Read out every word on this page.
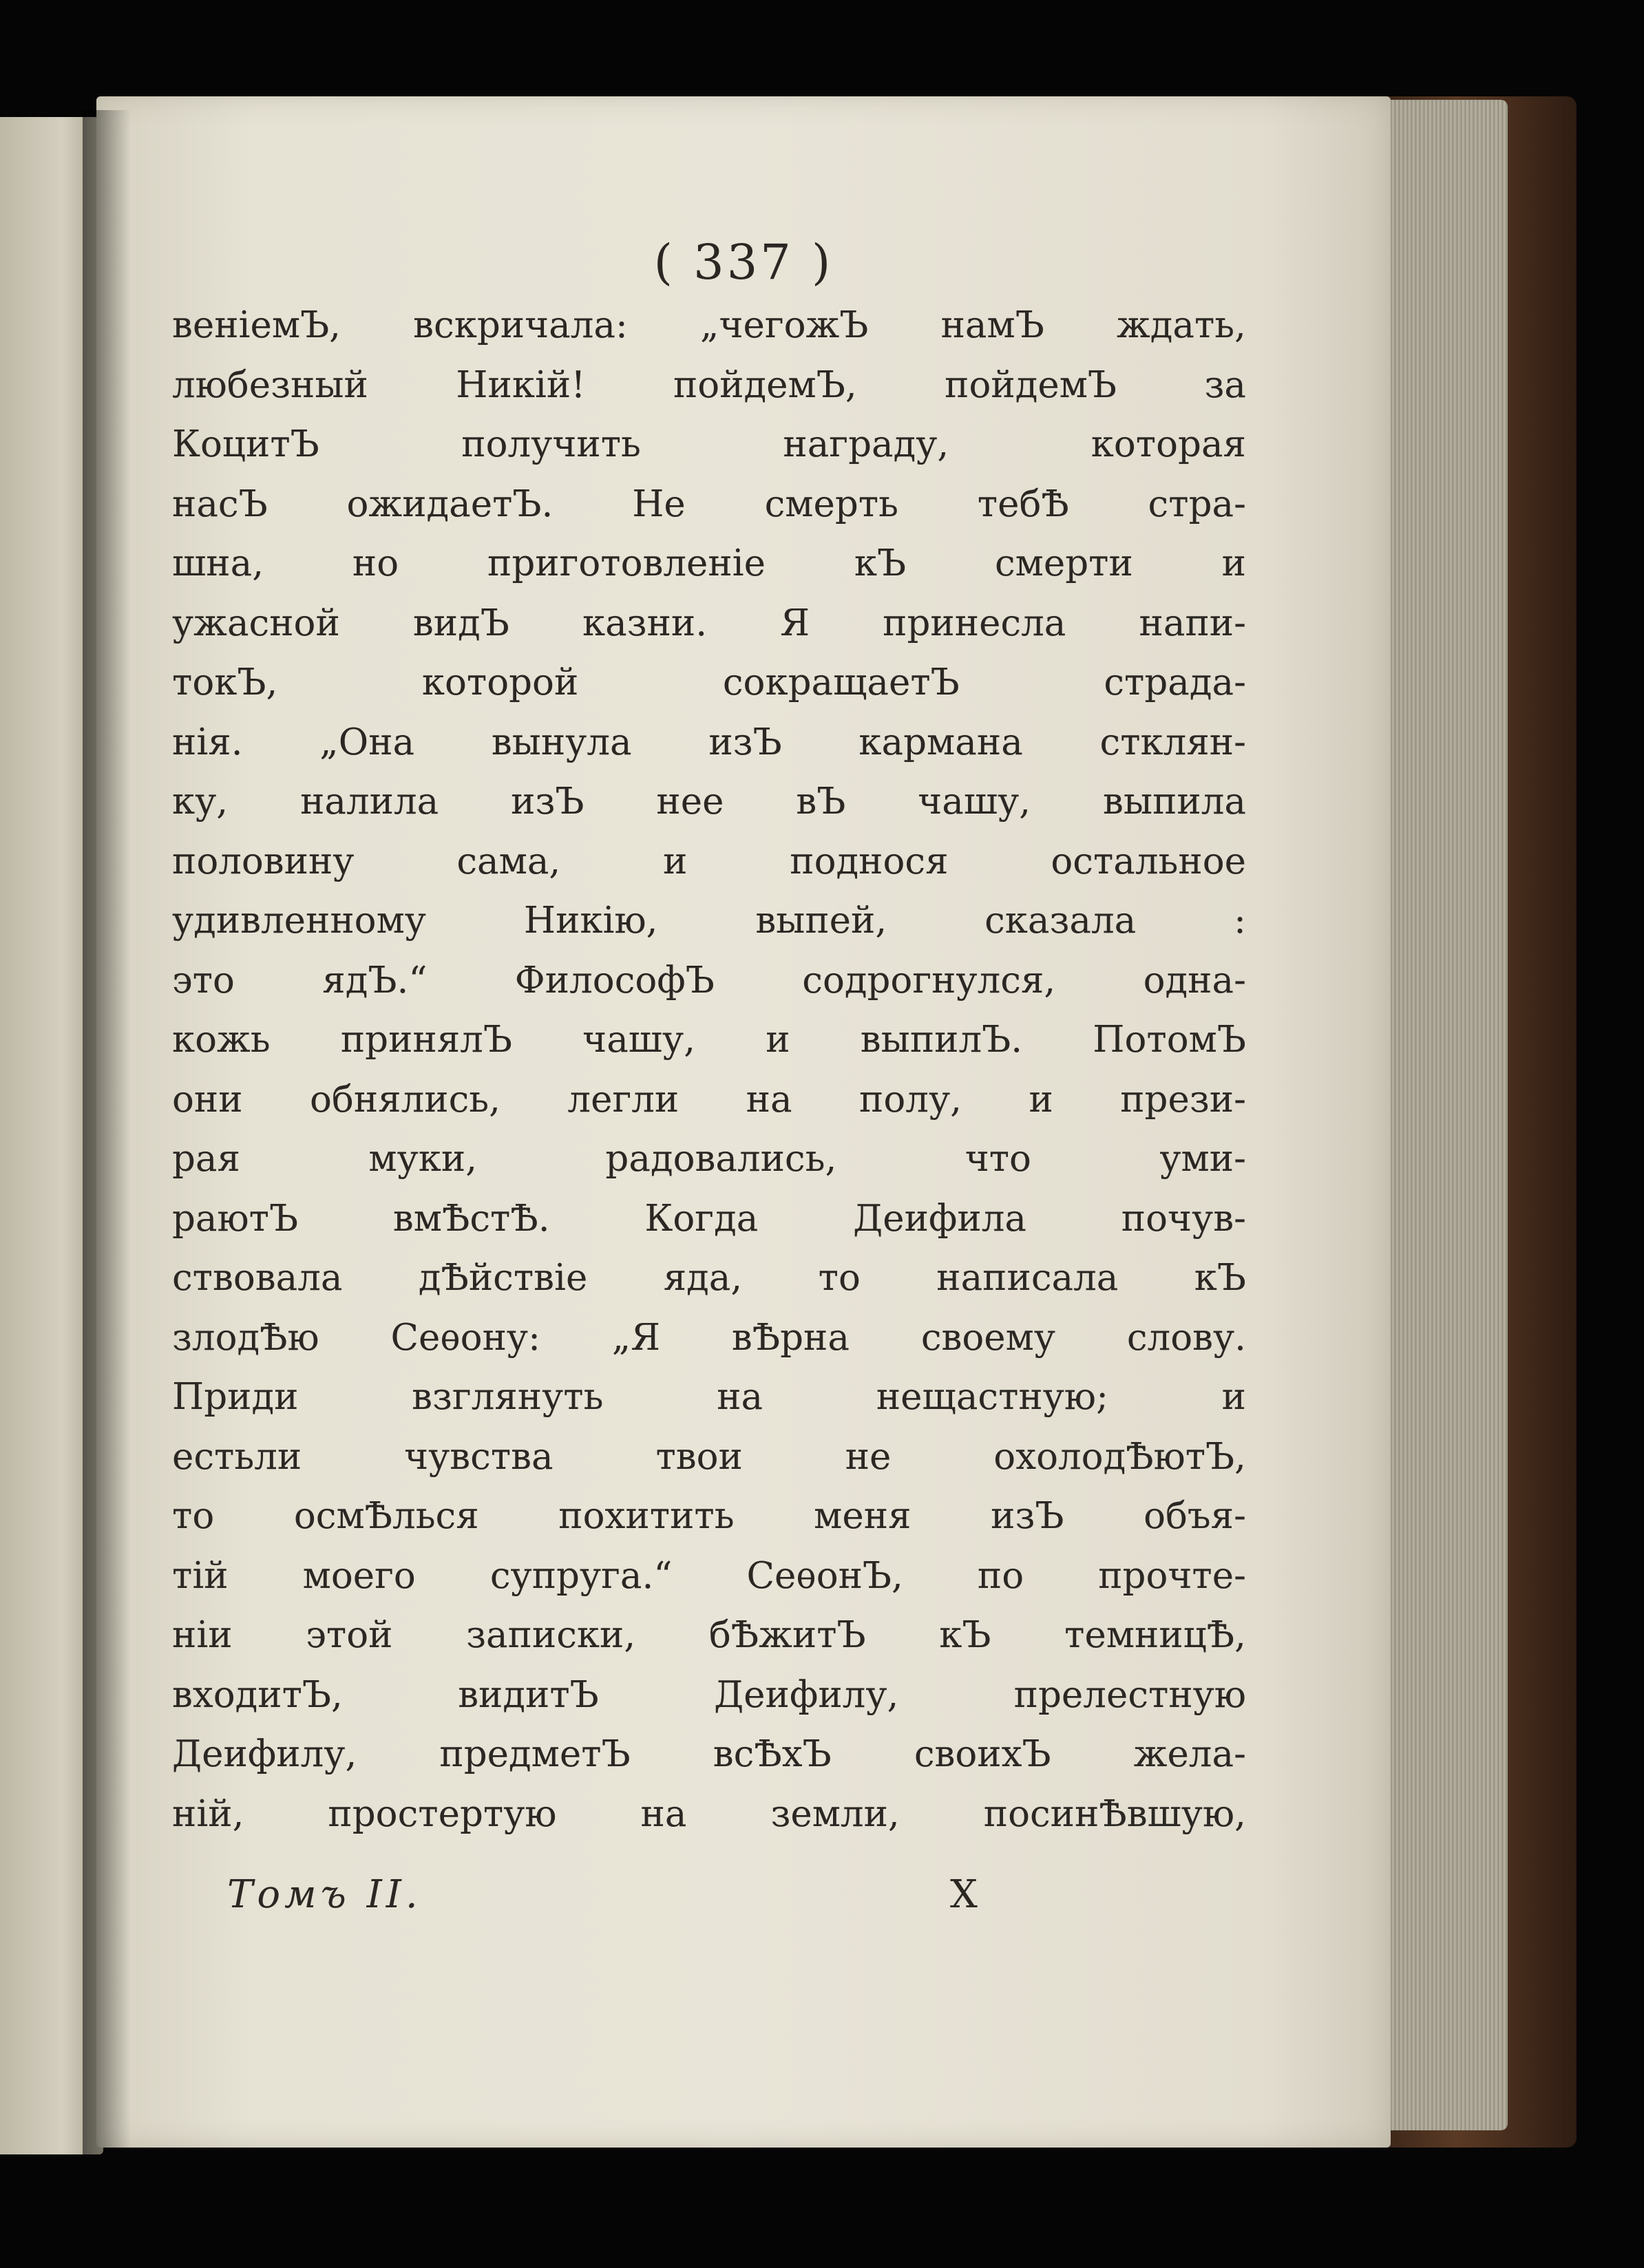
( 337 )
веніемЪ, вскричала: „чегожЪ намЪ ждать,
любезный Никій! пойдемЪ, пойдемЪ за
КоцитЪ получить награду, которая
насЪ ожидаетЪ. Не смерть тебѢ стра-
шна, но приготовленіе кЪ смерти и
ужасной видЪ казни. Я принесла напи-
токЪ, которой сокращаетЪ страда-
нія. „Она вынула изЪ кармана стклян-
ку, налила изЪ нее вЪ чашу, выпила
половину сама, и поднося остальное
удивленному Никію, выпей, сказала :
это ядЪ.“ ФилософЪ содрогнулся, одна-
кожь принялЪ чашу, и выпилЪ. ПотомЪ
они обнялись, легли на полу, и прези-
рая муки, радовались, что уми-
раютЪ вмѢстѢ. Когда Деифила почув-
ствовала дѢйствіе яда, то написала кЪ
злодѢю Сеѳону: „Я вѢрна своему слову.
Приди взглянуть на нещастную; и
естьли чувства твои не охолодѢютЪ,
то осмѢлься похитить меня изЪ объя-
тій моего супруга.“ СеѳонЪ, по прочте-
ніи этой записки, бѢжитЪ кЪ темницѢ,
входитЪ, видитЪ Деифилу, прелестную
Деифилу, предметЪ всѢхЪ своихЪ жела-
ній, простертую на земли, посинѢвшую,
Томъ II.	X
